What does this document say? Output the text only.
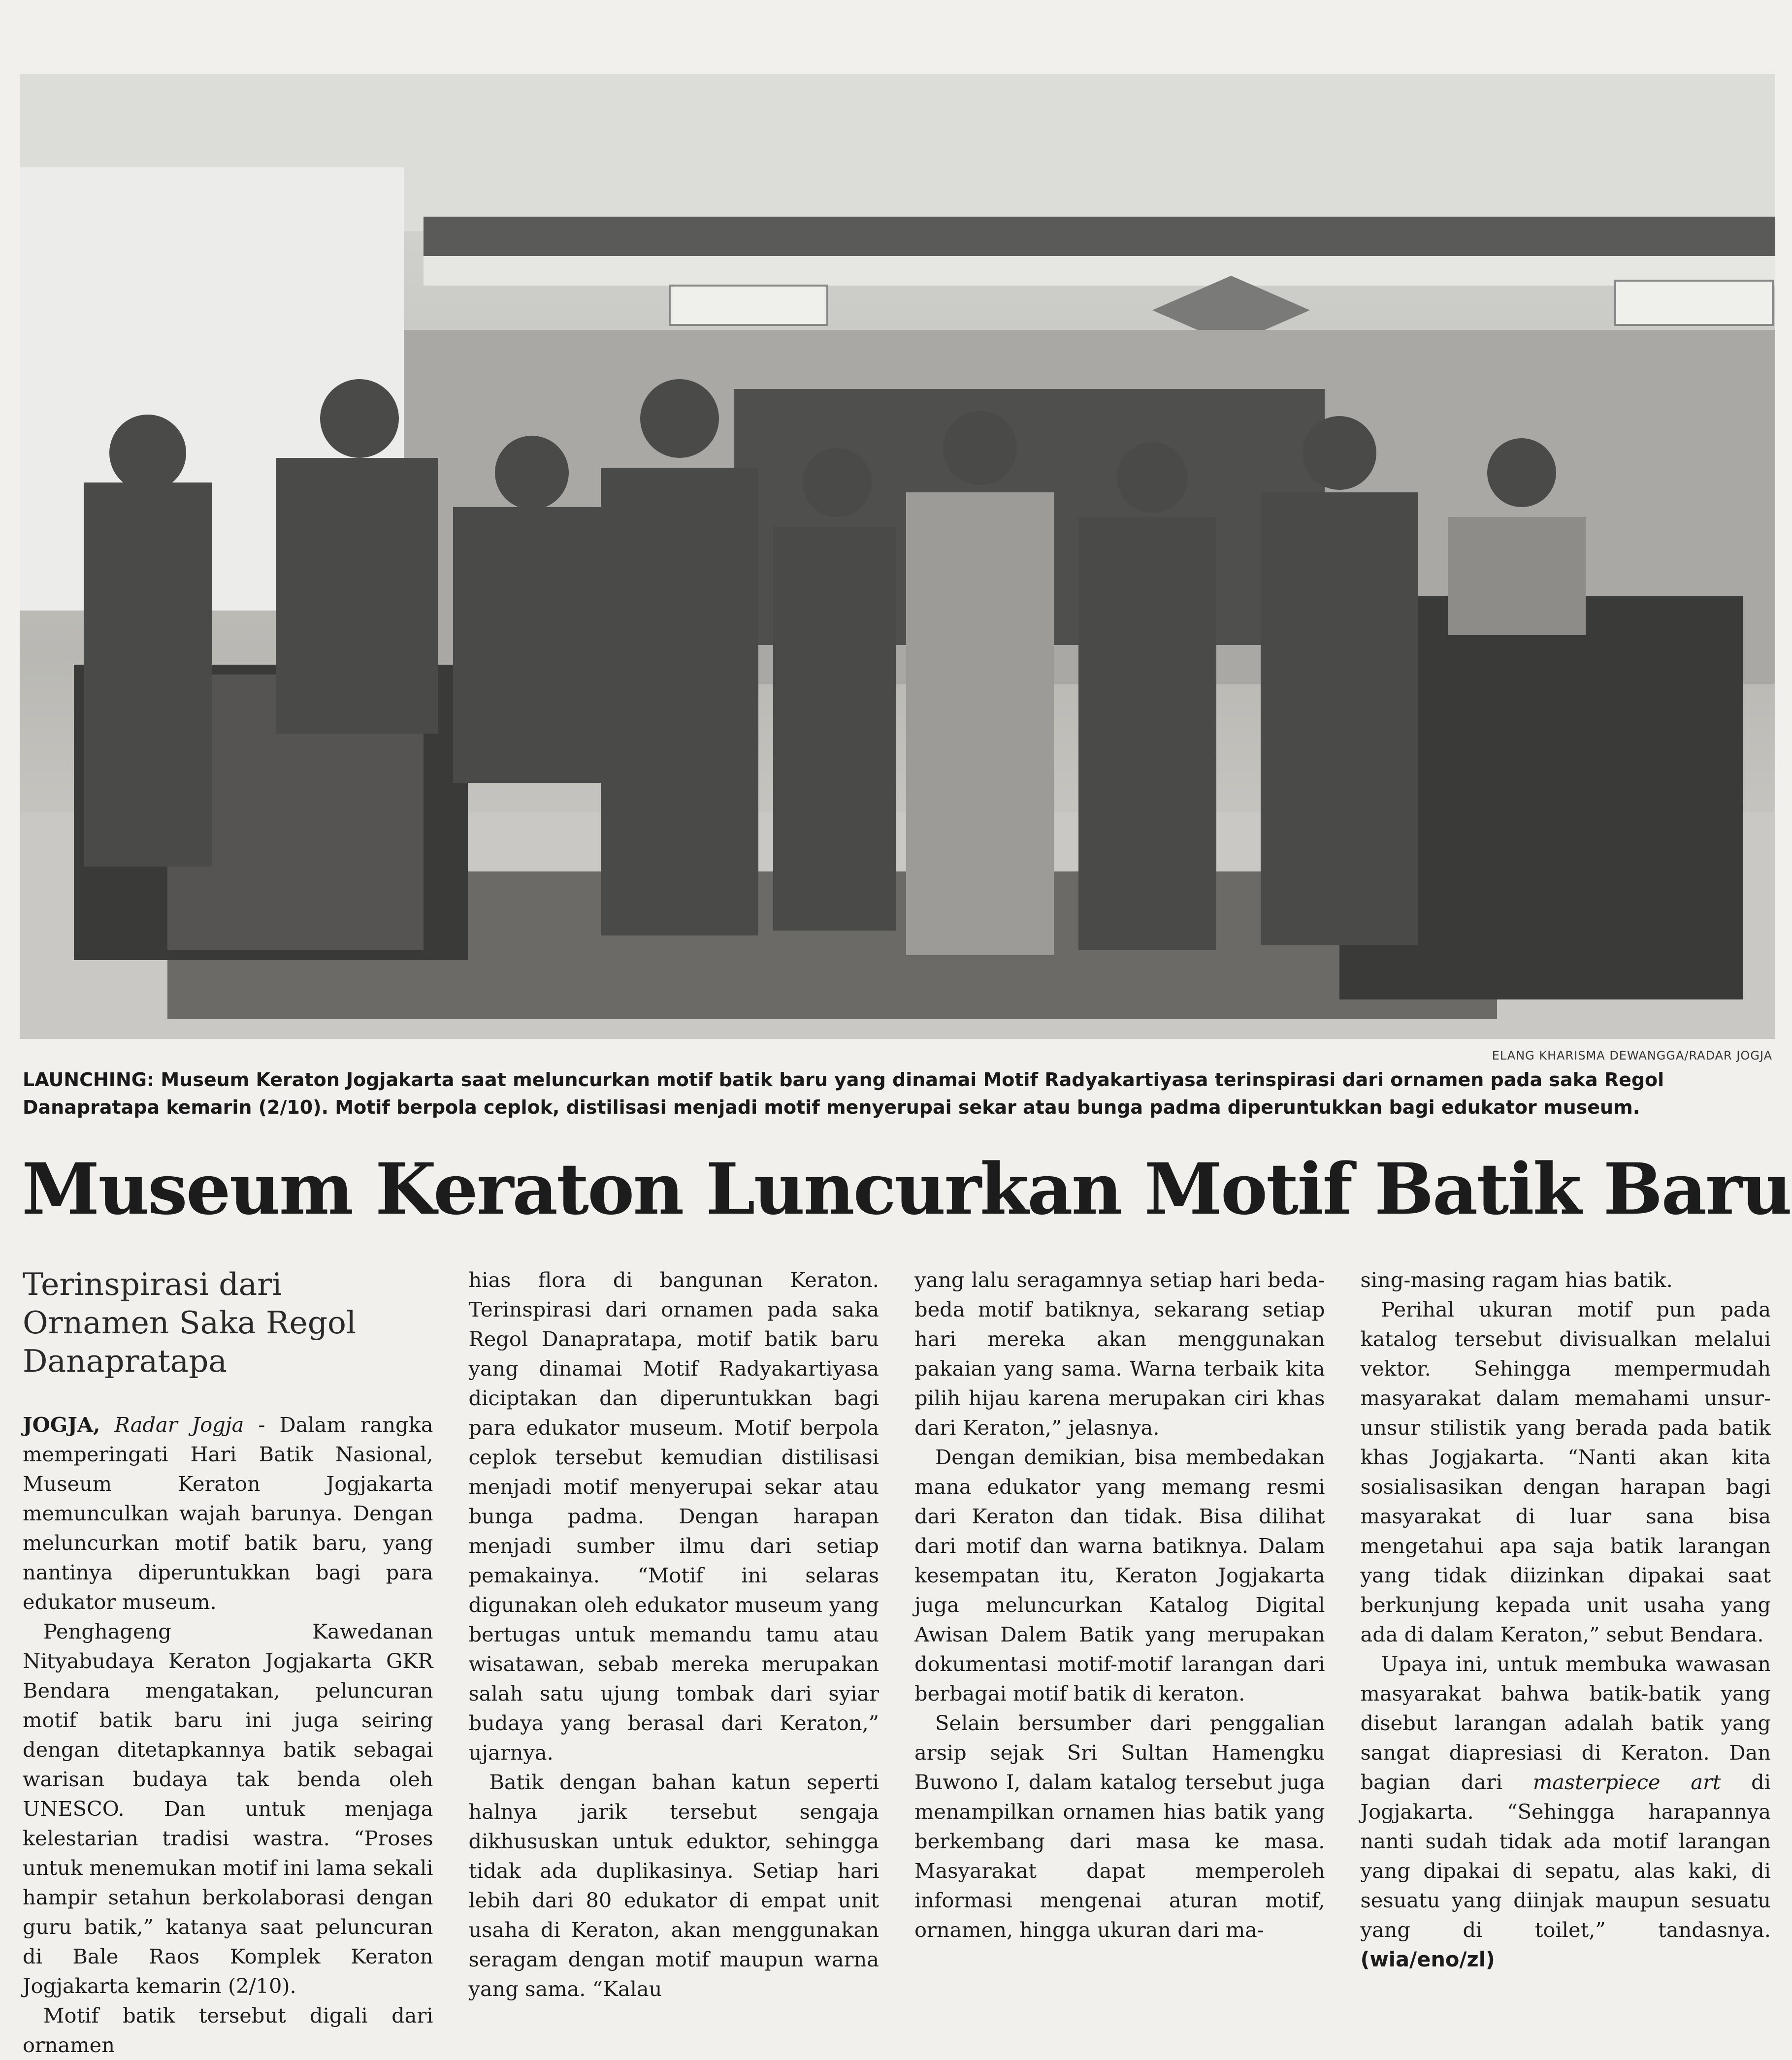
ELANG KHARISMA DEWANGGA/RADAR JOGJA
LAUNCHING: Museum Keraton Jogjakarta saat meluncurkan motif batik baru yang dinamai Motif Radyakartiyasa terinspirasi dari ornamen pada saka Regol Danapratapa kemarin (2/10). Motif berpola ceplok, distilisasi menjadi motif menyerupai sekar atau bunga padma diperuntukkan bagi edukator museum.
Museum Keraton Luncurkan Motif Batik Baru
Terinspirasi dari Ornamen Saka Regol Danapratapa

JOGJA, Radar Jogja - Dalam rangka memperingati Hari Batik Nasional, Museum Keraton Jogjakarta memunculkan wajah barunya. Dengan meluncurkan motif batik baru, yang nantinya diperuntukkan bagi para edukator museum.

Penghageng Kawedanan Nityabudaya Keraton Jogjakarta GKR Bendara mengatakan, peluncuran motif batik baru ini juga seiring dengan ditetapkannya batik sebagai warisan budaya tak benda oleh UNESCO. Dan untuk menjaga kelestarian tradisi wastra. “Proses untuk menemukan motif ini lama sekali hampir setahun berkolaborasi dengan guru batik,” katanya saat peluncuran di Bale Raos Komplek Keraton Jogjakarta kemarin (2/10).

Motif batik tersebut digali dari ornamen

hias flora di bangunan Keraton. Terinspirasi dari ornamen pada saka Regol Danapratapa, motif batik baru yang dinamai Motif Radyakartiyasa diciptakan dan diperuntukkan bagi para edukator museum. Motif berpola ceplok tersebut kemudian distilisasi menjadi motif menyerupai sekar atau bunga padma. Dengan harapan menjadi sumber ilmu dari setiap pemakainya. “Motif ini selaras digunakan oleh edukator museum yang bertugas untuk memandu tamu atau wisatawan, sebab mereka merupakan salah satu ujung tombak dari syiar budaya yang berasal dari Keraton,” ujarnya.

Batik dengan bahan katun seperti halnya jarik tersebut sengaja dikhususkan untuk eduktor, sehingga tidak ada duplikasinya. Setiap hari lebih dari 80 edukator di empat unit usaha di Keraton, akan menggunakan seragam dengan motif maupun warna yang sama. “Kalau

yang lalu seragamnya setiap hari beda-beda motif batiknya, sekarang setiap hari mereka akan menggunakan pakaian yang sama. Warna terbaik kita pilih hijau karena merupakan ciri khas dari Keraton,” jelasnya.

Dengan demikian, bisa membedakan mana edukator yang memang resmi dari Keraton dan tidak. Bisa dilihat dari motif dan warna batiknya. Dalam kesempatan itu, Keraton Jogjakarta juga meluncurkan Katalog Digital Awisan Dalem Batik yang merupakan dokumentasi motif-motif larangan dari berbagai motif batik di keraton.

Selain bersumber dari penggalian arsip sejak Sri Sultan Hamengku Buwono I, dalam katalog tersebut juga menampilkan ornamen hias batik yang berkembang dari masa ke masa. Masyarakat dapat memperoleh informasi mengenai aturan motif, ornamen, hingga ukuran dari ma-

sing-masing ragam hias batik.

Perihal ukuran motif pun pada katalog tersebut divisualkan melalui vektor. Sehingga mempermudah masyarakat dalam memahami unsur-unsur stilistik yang berada pada batik khas Jogjakarta. “Nanti akan kita sosialisasikan dengan harapan bagi masyarakat di luar sana bisa mengetahui apa saja batik larangan yang tidak diizinkan dipakai saat berkunjung kepada unit usaha yang ada di dalam Keraton,” sebut Bendara.

Upaya ini, untuk membuka wawasan masyarakat bahwa batik-batik yang disebut larangan adalah batik yang sangat diapresiasi di Keraton. Dan bagian dari masterpiece art di Jogjakarta. “Sehingga harapannya nanti sudah tidak ada motif larangan yang dipakai di sepatu, alas kaki, di sesuatu yang diinjak maupun sesuatu yang di toilet,” tandasnya. (wia/eno/zl)
